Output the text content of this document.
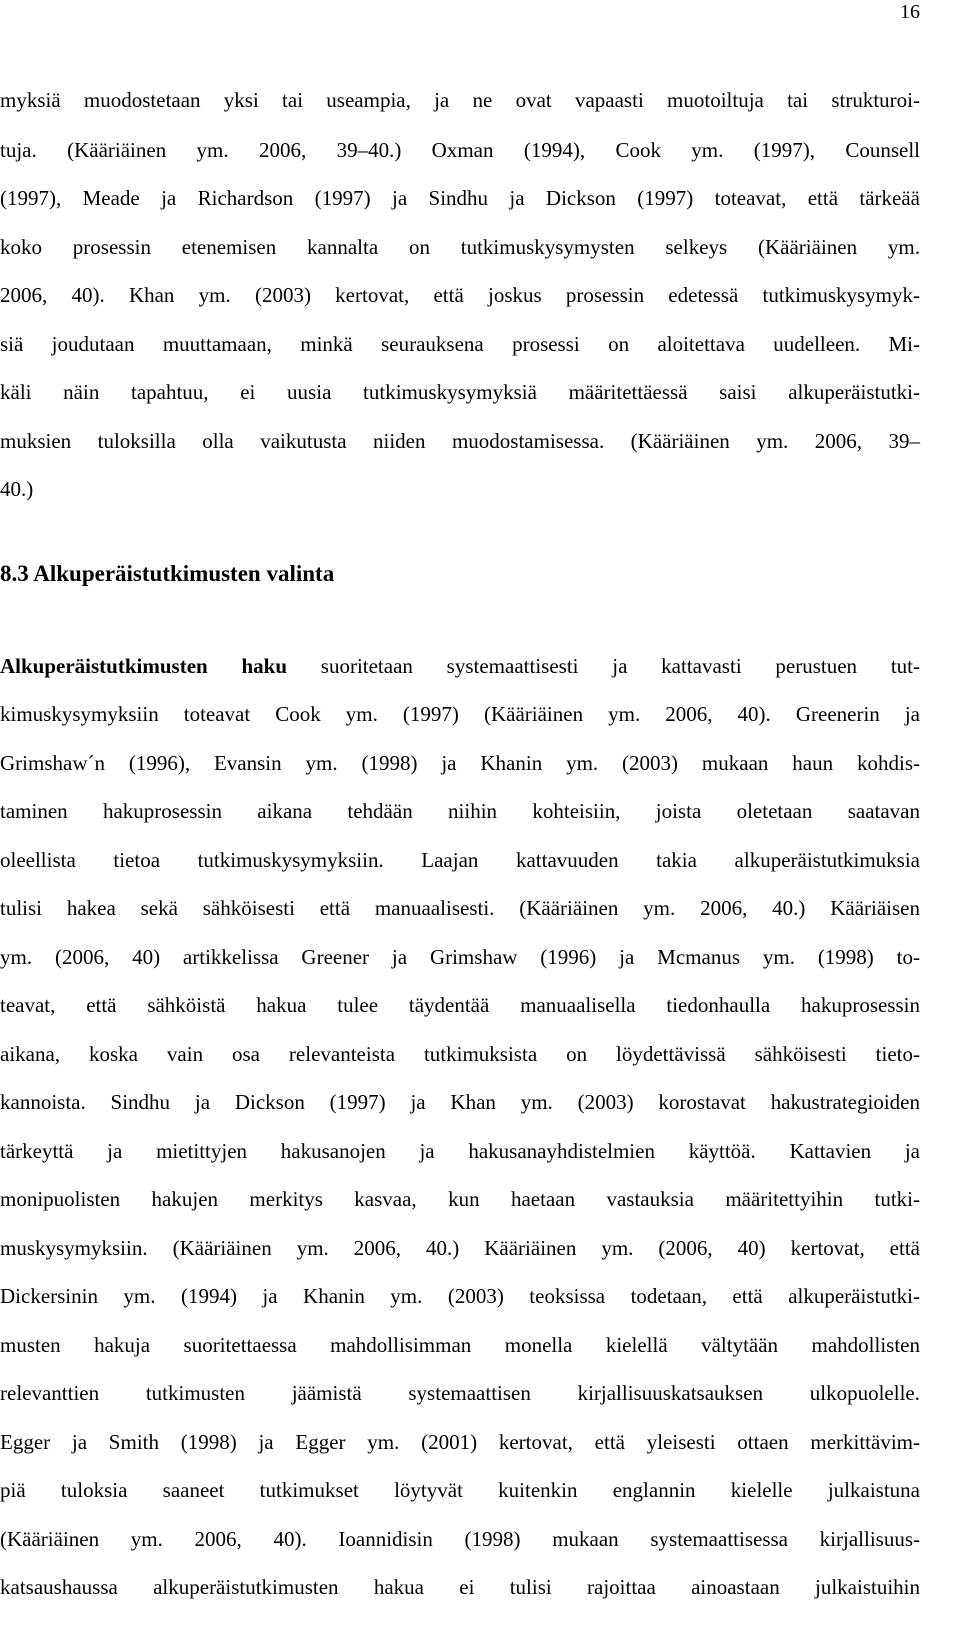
16
myksiä muodostetaan yksi tai useampia, ja ne ovat vapaasti muotoiltuja tai strukturoi-
tuja. (Kääriäinen ym. 2006, 39–40.) Oxman (1994), Cook ym. (1997), Counsell
(1997), Meade ja Richardson (1997) ja Sindhu ja Dickson (1997) toteavat, että tärkeää
koko prosessin etenemisen kannalta on tutkimuskysymysten selkeys (Kääriäinen ym.
2006, 40). Khan ym. (2003) kertovat, että joskus prosessin edetessä tutkimuskysymyk-
siä joudutaan muuttamaan, minkä seurauksena prosessi on aloitettava uudelleen. Mi-
käli näin tapahtuu, ei uusia tutkimuskysymyksiä määritettäessä saisi alkuperäistutki-
muksien tuloksilla olla vaikutusta niiden muodostamisessa. (Kääriäinen ym. 2006, 39–
40.)
8.3 Alkuperäistutkimusten valinta
Alkuperäistutkimusten haku suoritetaan systemaattisesti ja kattavasti perustuen tut-
kimuskysymyksiin toteavat Cook ym. (1997) (Kääriäinen ym. 2006, 40). Greenerin ja
Grimshaw´n (1996), Evansin ym. (1998) ja Khanin ym. (2003) mukaan haun kohdis-
taminen hakuprosessin aikana tehdään niihin kohteisiin, joista oletetaan saatavan
oleellista tietoa tutkimuskysymyksiin. Laajan kattavuuden takia alkuperäistutkimuksia
tulisi hakea sekä sähköisesti että manuaalisesti. (Kääriäinen ym. 2006, 40.) Kääriäisen
ym. (2006, 40) artikkelissa Greener ja Grimshaw (1996) ja Mcmanus ym. (1998) to-
teavat, että sähköistä hakua tulee täydentää manuaalisella tiedonhaulla hakuprosessin
aikana, koska vain osa relevanteista tutkimuksista on löydettävissä sähköisesti tieto-
kannoista. Sindhu ja Dickson (1997) ja Khan ym. (2003) korostavat hakustrategioiden
tärkeyttä ja mietittyjen hakusanojen ja hakusanayhdistelmien käyttöä. Kattavien ja
monipuolisten hakujen merkitys kasvaa, kun haetaan vastauksia määritettyihin tutki-
muskysymyksiin. (Kääriäinen ym. 2006, 40.) Kääriäinen ym. (2006, 40) kertovat, että
Dickersinin ym. (1994) ja Khanin ym. (2003) teoksissa todetaan, että alkuperäistutki-
musten hakuja suoritettaessa mahdollisimman monella kielellä vältytään mahdollisten
relevanttien tutkimusten jäämistä systemaattisen kirjallisuuskatsauksen ulkopuolelle.
Egger ja Smith (1998) ja Egger ym. (2001) kertovat, että yleisesti ottaen merkittävim-
piä tuloksia saaneet tutkimukset löytyvät kuitenkin englannin kielelle julkaistuna
(Kääriäinen ym. 2006, 40). Ioannidisin (1998) mukaan systemaattisessa kirjallisuus-
katsaushaussa alkuperäistutkimusten hakua ei tulisi rajoittaa ainoastaan julkaistuihin
